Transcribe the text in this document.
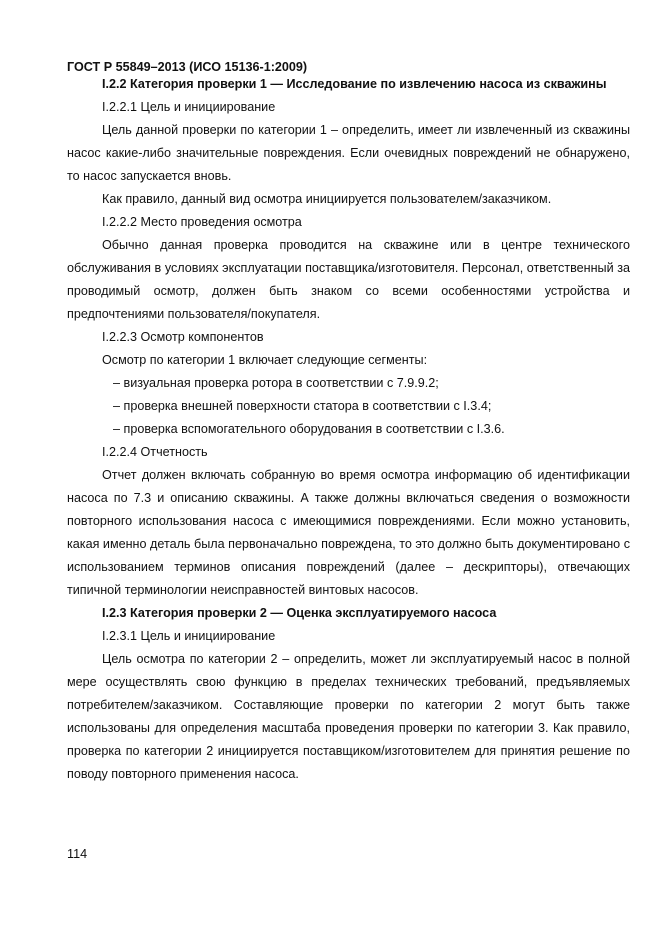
ГОСТ Р 55849–2013 (ИСО 15136-1:2009)

I.2.2 Категория проверки 1 — Исследование по извлечению насоса из скважины

I.2.2.1 Цель и инициирование

Цель данной проверки по категории 1 – определить, имеет ли извлеченный из скважины насос какие-либо значительные повреждения. Если очевидных повреждений не обнаружено, то насос запускается вновь.

Как правило, данный вид осмотра инициируется пользователем/заказчиком.

I.2.2.2 Место проведения осмотра

Обычно данная проверка проводится на скважине или в центре технического обслуживания в условиях эксплуатации поставщика/изготовителя. Персонал, ответственный за проводимый осмотр, должен быть знаком со всеми особенностями устройства и предпочтениями пользователя/покупателя.

I.2.2.3 Осмотр компонентов

Осмотр по категории 1 включает следующие сегменты:

– визуальная проверка ротора в соответствии с 7.9.9.2;

– проверка внешней поверхности статора в соответствии с I.3.4;

– проверка вспомогательного оборудования в соответствии с I.3.6.

I.2.2.4 Отчетность

Отчет должен включать собранную во время осмотра информацию об идентификации насоса по 7.3 и описанию скважины. А также должны включаться сведения о возможности повторного использования насоса с имеющимися повреждениями. Если можно установить, какая именно деталь была первоначально повреждена, то это должно быть документировано с использованием терминов описания повреждений (далее – дескрипторы), отвечающих типичной терминологии неисправностей винтовых насосов.

I.2.3 Категория проверки 2 — Оценка эксплуатируемого насоса

I.2.3.1 Цель и инициирование

Цель осмотра по категории 2 – определить, может ли эксплуатируемый насос в полной мере осуществлять свою функцию в пределах технических требований, предъявляемых потребителем/заказчиком. Составляющие проверки по категории 2 могут быть также использованы для определения масштаба проведения проверки по категории 3. Как правило, проверка по категории 2 инициируется поставщиком/изготовителем для принятия решение по поводу повторного применения насоса.

114
